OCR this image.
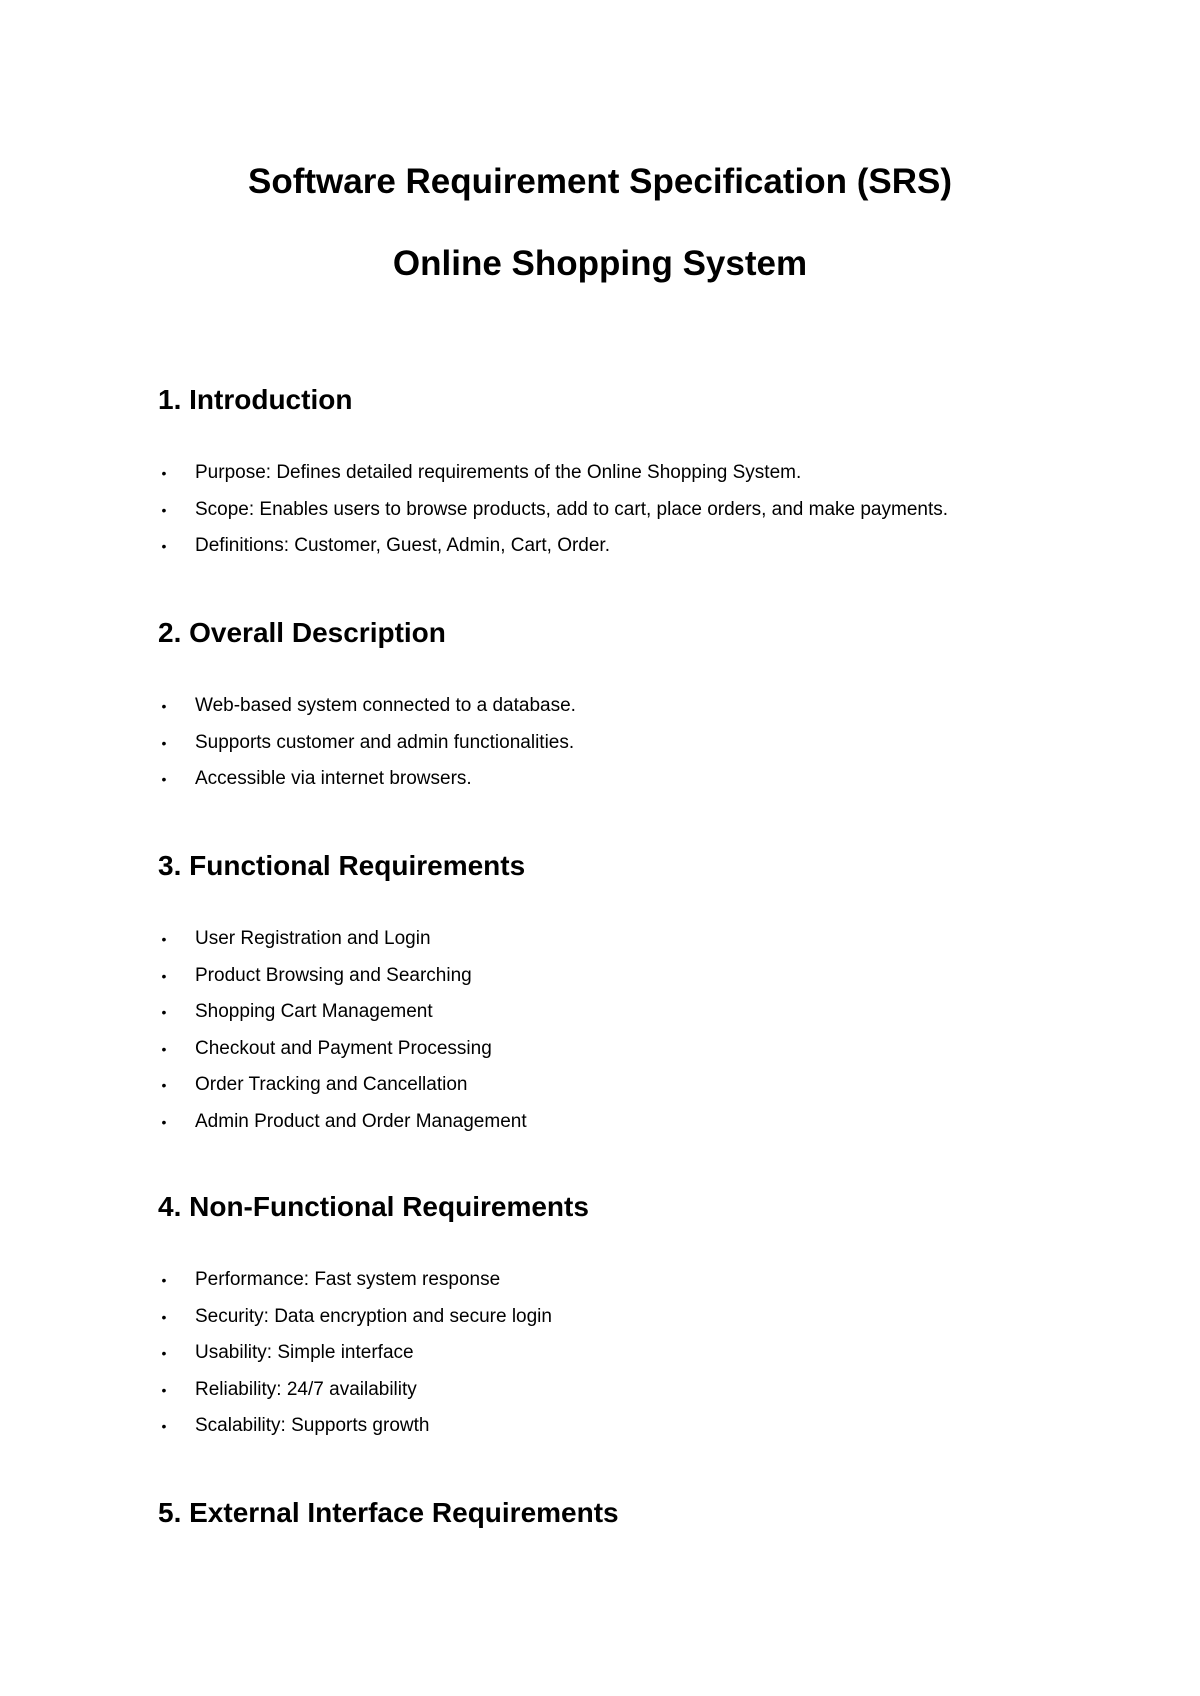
Software Requirement Specification (SRS)
Online Shopping System
1. Introduction
• Purpose: Defines detailed requirements of the Online Shopping System.
• Scope: Enables users to browse products, add to cart, place orders, and make payments.
• Definitions: Customer, Guest, Admin, Cart, Order.
2. Overall Description
• Web-based system connected to a database.
• Supports customer and admin functionalities.
• Accessible via internet browsers.
3. Functional Requirements
• User Registration and Login
• Product Browsing and Searching
• Shopping Cart Management
• Checkout and Payment Processing
• Order Tracking and Cancellation
• Admin Product and Order Management
4. Non-Functional Requirements
• Performance: Fast system response
• Security: Data encryption and secure login
• Usability: Simple interface
• Reliability: 24/7 availability
• Scalability: Supports growth
5. External Interface Requirements
